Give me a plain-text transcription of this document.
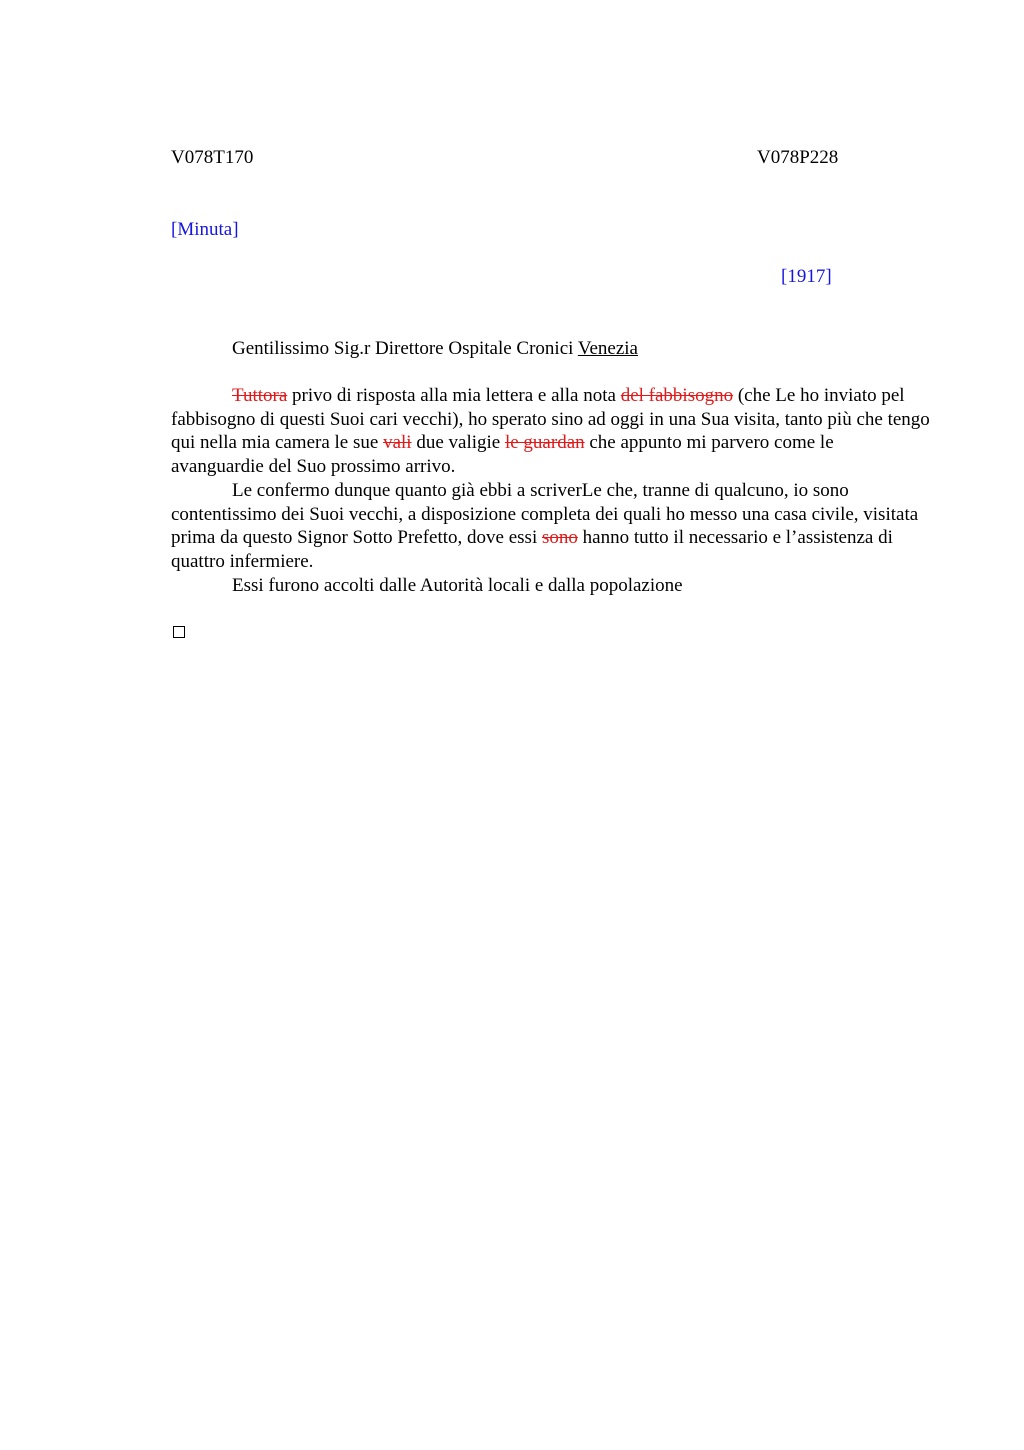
V078T170	V078P228
[Minuta]
[1917]
Gentilissimo Sig.r Direttore Ospitale Cronici Venezia

Tuttora privo di risposta alla mia lettera e alla nota del fabbisogno (che Le ho inviato pel fabbisogno di questi Suoi cari vecchi), ho sperato sino ad oggi in una Sua visita, tanto più che tengo qui nella mia camera le sue vali due valigie le guardan che appunto mi parvero come le avanguardie del Suo prossimo arrivo.

Le confermo dunque quanto già ebbi a scriverLe che, tranne di qualcuno, io sono contentissimo dei Suoi vecchi, a disposizione completa dei quali ho messo una casa civile, visitata prima da questo Signor Sotto Prefetto, dove essi sono hanno tutto il necessario e l’assistenza di quattro infermiere.

Essi furono accolti dalle Autorità locali e dalla popolazione
